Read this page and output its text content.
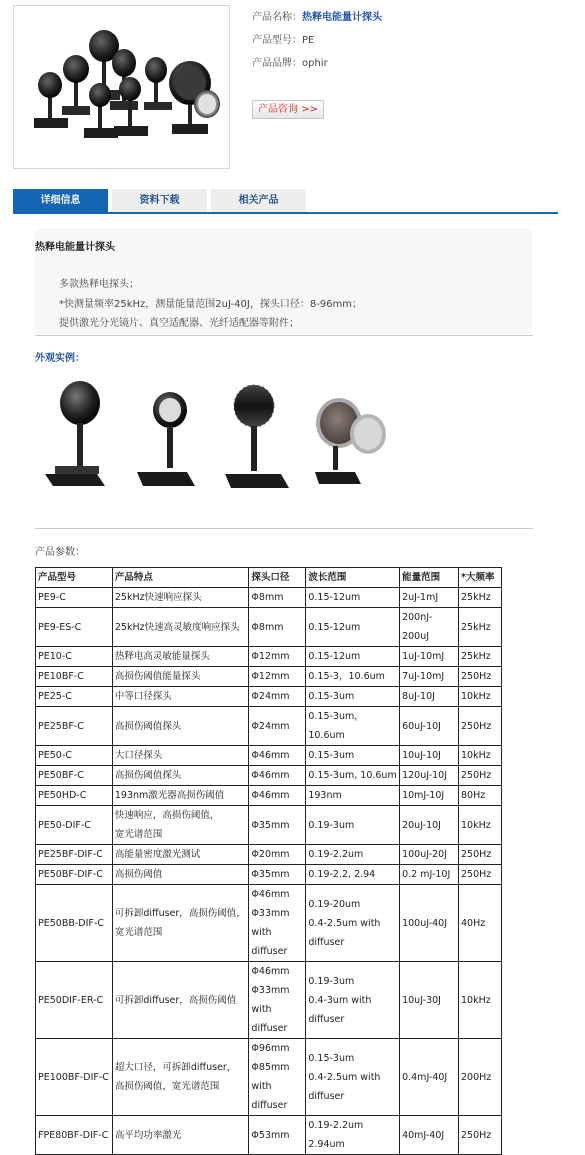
产品名称：热释电能量计探头
产品型号：PE
产品品牌：ophir
产品咨询 >>
详细信息	资料下载	相关产品
热释电能量计探头
多款热释电探头；
*快测量频率25kHz，测量能量范围2uJ-40J，探头口径：8-96mm；
提供激光分光镜片、真空适配器、光纤适配器等附件；
外观实例：
产品参数：
产品型号	产品特点	探头口径	波长范围	能量范围	*大频率
PE9-C	25kHz快速响应探头	Φ8mm	0.15-12um	2uJ-1mJ	25kHz
PE9-ES-C	25kHz快速高灵敏度响应探头	Φ8mm	0.15-12um	200nJ-200uJ	25kHz
PE10-C	热释电高灵敏能量探头	Φ12mm	0.15-12um	1uJ-10mJ	25kHz
PE10BF-C	高损伤阈值能量探头	Φ12mm	0.15-3，10.6um	7uJ-10mJ	250Hz
PE25-C	中等口径探头	Φ24mm	0.15-3um	8uJ-10J	10kHz
PE25BF-C	高损伤阈值探头	Φ24mm	0.15-3um，10.6um	60uJ-10J	250Hz
PE50-C	大口径探头	Φ46mm	0.15-3um	10uJ-10J	10kHz
PE50BF-C	高损伤阈值探头	Φ46mm	0.15-3um, 10.6um	120uJ-10J	250Hz
PE50HD-C	193nm激光器高损伤阈值	Φ46mm	193nm	10mJ-10J	80Hz
PE50-DIF-C	快速响应，高损伤阈值，
宽光谱范围	Φ35mm	0.19-3um	20uJ-10J	10kHz
PE25BF-DIF-C	高能量密度激光测试	Φ20mm	0.19-2.2um	100uJ-20J	250Hz
PE50BF-DIF-C	高损伤阈值	Φ35mm	0.19-2.2, 2.94	0.2 mJ-10J	250Hz
PE50BB-DIF-C	可拆卸diffuser，高损伤阈值，
宽光谱范围	Φ46mm
Φ33mm with
diffuser	0.19-20um
0.4-2.5um with
diffuser	100uJ-40J	40Hz
PE50DIF-ER-C	可拆卸diffuser，高损伤阈值	Φ46mm
Φ33mm with
diffuser	0.19-3um
0.4-3um with
diffuser	10uJ-30J	10kHz
PE100BF-DIF-C	超大口径，可拆卸diffuser，
高损伤阈值，宽光谱范围	Φ96mm
Φ85mm with
diffuser	0.15-3um
0.4-2.5um with
diffuser	0.4mJ-40J	200Hz
FPE80BF-DIF-C	高平均功率激光	Φ53mm	0.19-2.2um 2.94um	40mJ-40J	250Hz
